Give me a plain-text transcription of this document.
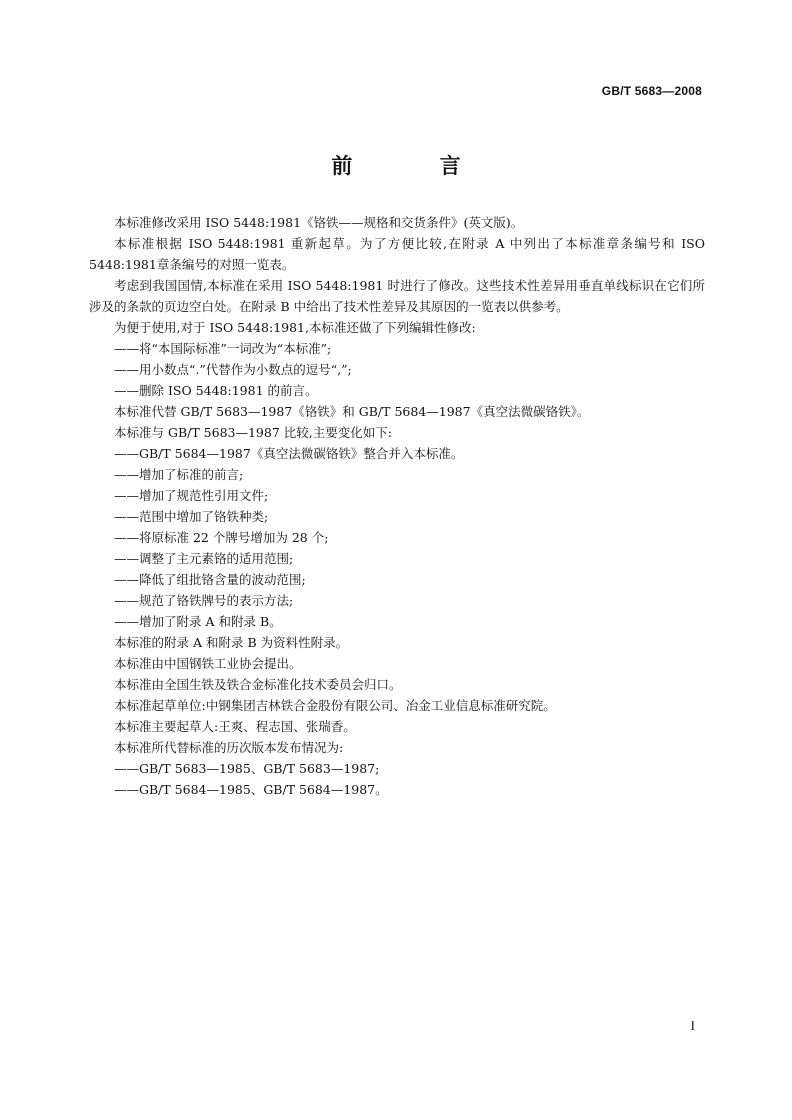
GB/T 5683—2008
前 言

本标准修改采用 ISO 5448:1981《铬铁——规格和交货条件》(英文版)。

本标准根据 ISO 5448:1981 重新起草。为了方便比较,在附录 A 中列出了本标准章条编号和 ISO 5448:1981章条编号的对照一览表。

考虑到我国国情,本标准在采用 ISO 5448:1981 时进行了修改。这些技术性差异用垂直单线标识在它们所涉及的条款的页边空白处。在附录 B 中给出了技术性差异及其原因的一览表以供参考。

为便于使用,对于 ISO 5448:1981,本标准还做了下列编辑性修改:

——将“本国际标准”一词改为“本标准”;

——用小数点“.”代替作为小数点的逗号“,”;

——删除 ISO 5448:1981 的前言。

本标准代替 GB/T 5683—1987《铬铁》和 GB/T 5684—1987《真空法微碳铬铁》。

本标准与 GB/T 5683—1987 比较,主要变化如下:

——GB/T 5684—1987《真空法微碳铬铁》整合并入本标准。

——增加了标准的前言;

——增加了规范性引用文件;

——范围中增加了铬铁种类;

——将原标准 22 个牌号增加为 28 个;

——调整了主元素铬的适用范围;

——降低了组批铬含量的波动范围;

——规范了铬铁牌号的表示方法;

——增加了附录 A 和附录 B。

本标准的附录 A 和附录 B 为资料性附录。

本标准由中国钢铁工业协会提出。

本标准由全国生铁及铁合金标准化技术委员会归口。

本标准起草单位:中钢集团吉林铁合金股份有限公司、冶金工业信息标准研究院。

本标准主要起草人:王爽、程志国、张瑞香。

本标准所代替标准的历次版本发布情况为:

——GB/T 5683—1985、GB/T 5683—1987;

——GB/T 5684—1985、GB/T 5684—1987。

I
